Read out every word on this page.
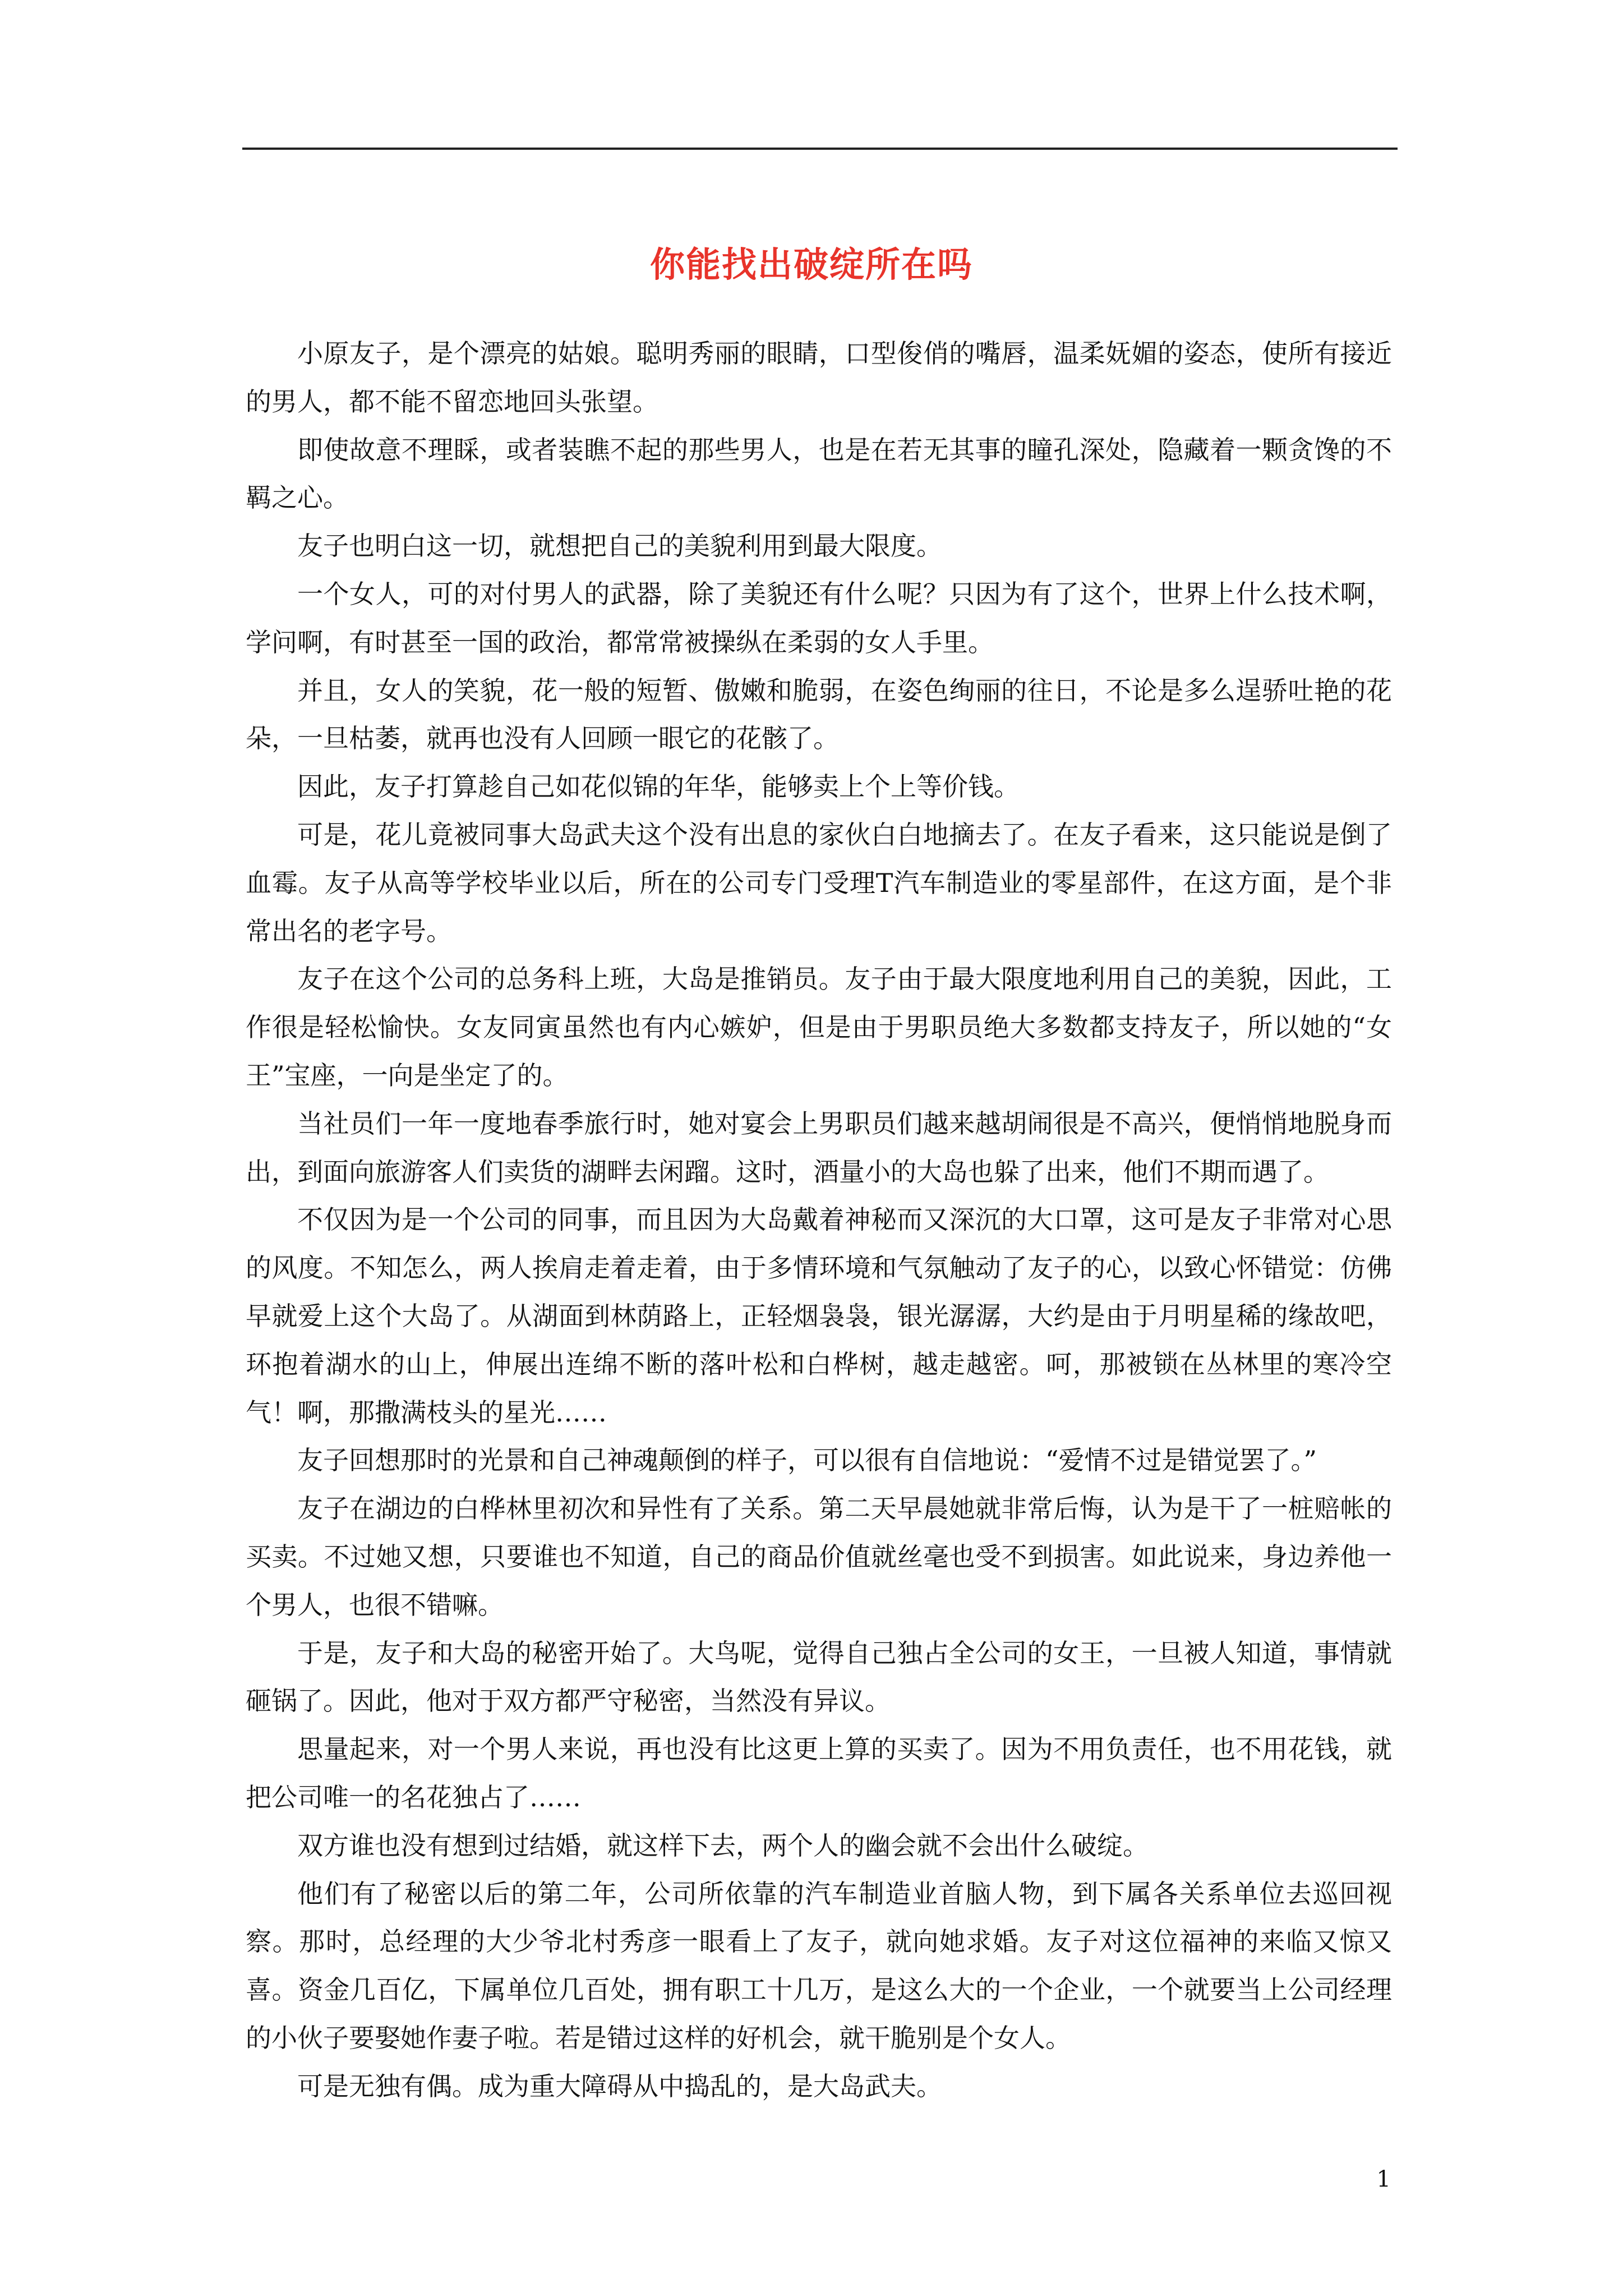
你能找出破绽所在吗

小原友子，是个漂亮的姑娘。聪明秀丽的眼睛，口型俊俏的嘴唇，温柔妩媚的姿态，使所有接近的男人，都不能不留恋地回头张望。

即使故意不理睬，或者装瞧不起的那些男人，也是在若无其事的瞳孔深处，隐藏着一颗贪馋的不羁之心。

友子也明白这一切，就想把自己的美貌利用到最大限度。

一个女人，可的对付男人的武器，除了美貌还有什么呢？只因为有了这个，世界上什么技术啊，学问啊，有时甚至一国的政治，都常常被操纵在柔弱的女人手里。

并且，女人的笑貌，花一般的短暂、傲嫩和脆弱，在姿色绚丽的往日，不论是多么逞骄吐艳的花朵，一旦枯萎，就再也没有人回顾一眼它的花骸了。

因此，友子打算趁自己如花似锦的年华，能够卖上个上等价钱。

可是，花儿竟被同事大岛武夫这个没有出息的家伙白白地摘去了。在友子看来，这只能说是倒了血霉。友子从高等学校毕业以后，所在的公司专门受理T汽车制造业的零星部件，在这方面，是个非常出名的老字号。

友子在这个公司的总务科上班，大岛是推销员。友子由于最大限度地利用自己的美貌，因此，工作很是轻松愉快。女友同寅虽然也有内心嫉妒，但是由于男职员绝大多数都支持友子，所以她的“女王”宝座，一向是坐定了的。

当社员们一年一度地春季旅行时，她对宴会上男职员们越来越胡闹很是不高兴，便悄悄地脱身而出，到面向旅游客人们卖货的湖畔去闲蹓。这时，酒量小的大岛也躲了出来，他们不期而遇了。

不仅因为是一个公司的同事，而且因为大岛戴着神秘而又深沉的大口罩，这可是友子非常对心思的风度。不知怎么，两人挨肩走着走着，由于多情环境和气氛触动了友子的心，以致心怀错觉：仿佛早就爱上这个大岛了。从湖面到林荫路上，正轻烟袅袅，银光潺潺，大约是由于月明星稀的缘故吧，环抱着湖水的山上，伸展出连绵不断的落叶松和白桦树，越走越密。呵，那被锁在丛林里的寒冷空气！啊，那撒满枝头的星光……

友子回想那时的光景和自己神魂颠倒的样子，可以很有自信地说：“爱情不过是错觉罢了。”

友子在湖边的白桦林里初次和异性有了关系。第二天早晨她就非常后悔，认为是干了一桩赔帐的买卖。不过她又想，只要谁也不知道，自己的商品价值就丝毫也受不到损害。如此说来，身边养他一个男人，也很不错嘛。

于是，友子和大岛的秘密开始了。大鸟呢，觉得自己独占全公司的女王，一旦被人知道，事情就砸锅了。因此，他对于双方都严守秘密，当然没有异议。

思量起来，对一个男人来说，再也没有比这更上算的买卖了。因为不用负责任，也不用花钱，就把公司唯一的名花独占了……

双方谁也没有想到过结婚，就这样下去，两个人的幽会就不会出什么破绽。

他们有了秘密以后的第二年，公司所依靠的汽车制造业首脑人物，到下属各关系单位去巡回视察。那时，总经理的大少爷北村秀彦一眼看上了友子，就向她求婚。友子对这位福神的来临又惊又喜。资金几百亿，下属单位几百处，拥有职工十几万，是这么大的一个企业，一个就要当上公司经理的小伙子要娶她作妻子啦。若是错过这样的好机会，就干脆别是个女人。

可是无独有偶。成为重大障碍从中捣乱的，是大岛武夫。

1
